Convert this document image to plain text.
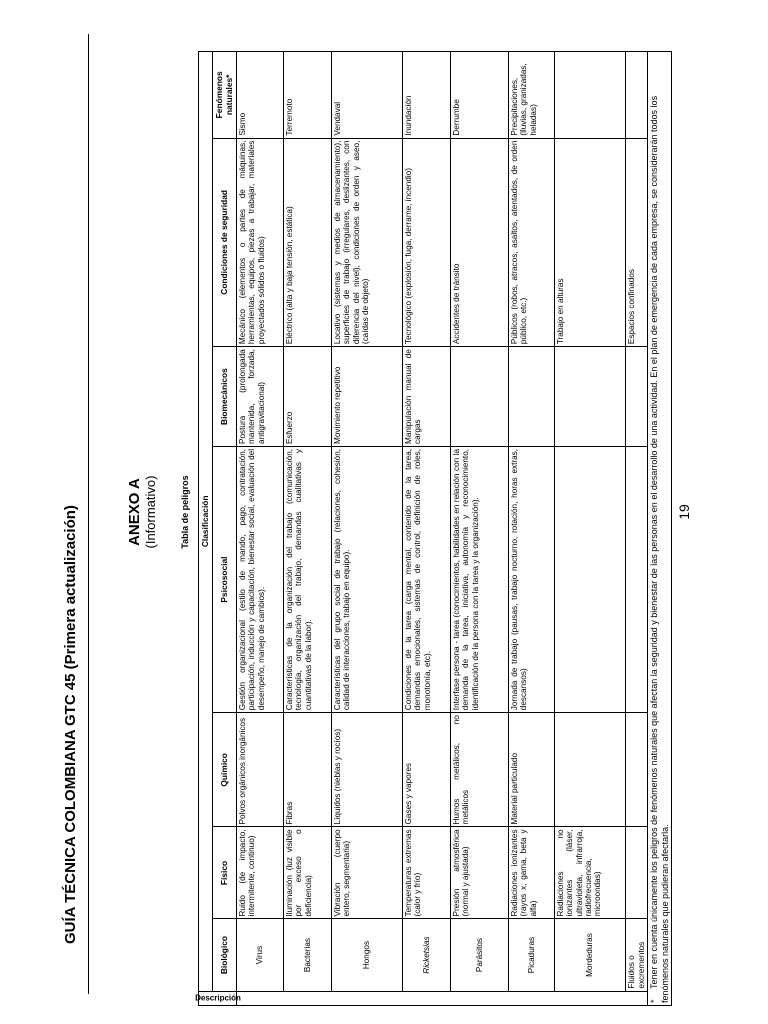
GUÍA TÉCNICA COLOMBIANA
GTC 45 (Primera actualización)	ANEXO A (Informativo) Tabla de peligros
Descripción	Clasificación						
	Biológico	Físico	Químico	Psicosocial	Biomecánicos	Condiciones de seguridad	Fenómenos naturales*
	Virus	Ruido (de impacto, intermitente, continuo)	Polvos orgánicos inorgánicos	Gestión organizacional (estilo de mando, pago, contratación, participación, inducción y capacitación, bienestar social, evaluación del desempeño, manejo de cambios).	Postura (prolongada mantenida, forzada, antigravitacional)	Mecánico (elementos o partes de máquinas, herramientas, equipos, piezas a trabajar, materiales proyectados sólidos o fluidos)	Sismo
	Bacterias	Iluminación (luz visible por exceso o deficiencia)	Fibras	Características de la organización del trabajo (comunicación, tecnología, organización del trabajo, demandas cualitativas y cuantitativas de la labor).	Esfuerzo	Eléctrico (alta y baja tensión, estática)	Terremoto
	Hongos	Vibración (cuerpo entero, segmentaria)	Líquidos (nieblas y rocíos)	Características del grupo social de trabajo (relaciones, cohesión, calidad de interacciones, trabajo en equipo).	Movimiento repetitivo	Locativo (sistemas y medios de almacenamiento), superficies de trabajo (irregulares, deslizantes, con diferencia del nivel), condiciones de orden y aseo, (caídas de objeto)	Vendaval
	Ricketsias	Temperaturas extremas (calor y frío)	Gases y vapores	Condiciones de la tarea (carga mental, contenido de la tarea, demandas emocionales, sistemas de control, definición de roles, monotonía, etc).	Manipulación manual de cargas	Tecnológico (explosión, fuga, derrame, incendio)	Inundación
	Parásitos	Presión atmosférica (normal y ajustada)	Humos metálicos, no metálicos	Interfase persona - tarea (conocimientos, habilidades en relación con la demanda de la tarea, iniciativa, autonomía y reconocimiento, identificación de la persona con la tarea y la organización).		Accidentes de tránsito	Derrumbe
	Picaduras	Radiaciones ionizantes (rayos x, gama, beta y alfa)	Material particulado	Jornada de trabajo (pausas, trabajo nocturno, rotación, horas extras, descansos)		Públicos (robos, atracos, asaltos, atentados, de orden público, etc.)	Precipitaciones, (lluvias, granizadas, heladas)
	Mordeduras	Radiaciones no ionizantes (láser, ultravioleta, infrarroja, radiofrecuencia, microondas)				Trabajo en alturas	
	Fluidos o excrementos					Espacios confinados	
*Tener en cuenta únicamente los peligros de fenómenos naturales que afectan la seguridad y bienestar de las personas en el desarrollo de una actividad. En el plan de emergencia de cada empresa, se considerarán todos los fenómenos naturales que pudieran afectarla.							
19
